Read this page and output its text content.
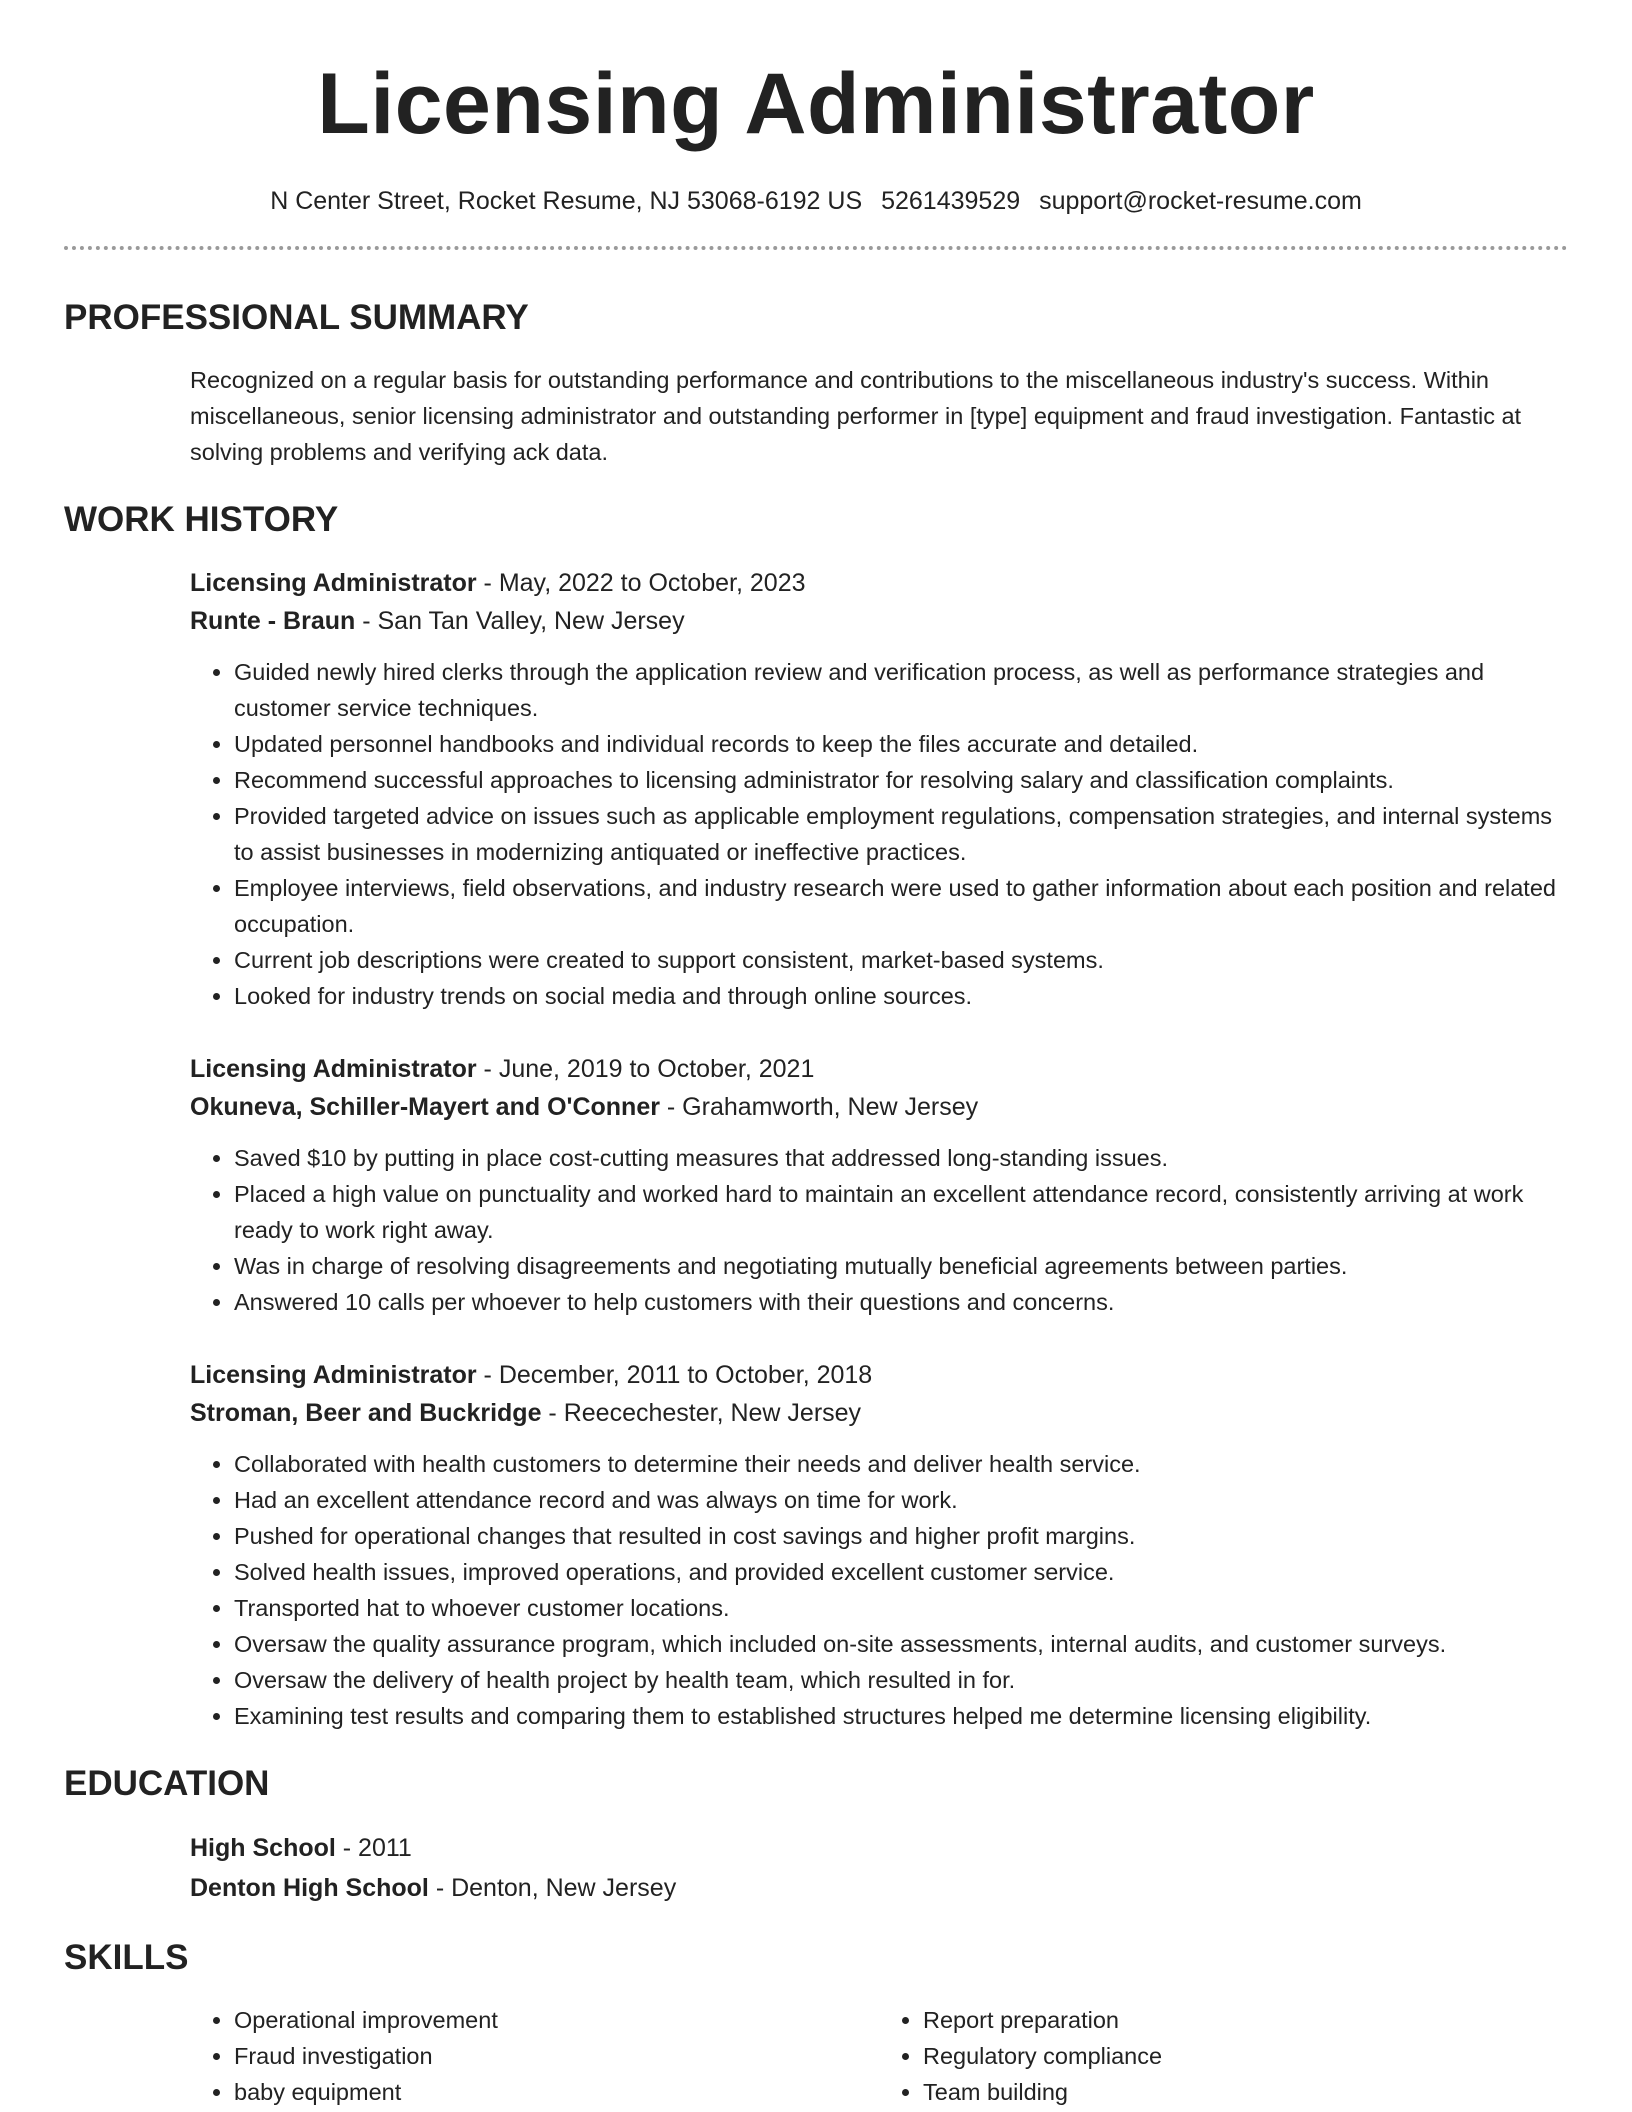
Licensing Administrator
N Center Street, Rocket Resume, NJ 53068-6192 US 5261439529 support@rocket-resume.com
PROFESSIONAL SUMMARY
Recognized on a regular basis for outstanding performance and contributions to the miscellaneous industry's success. Within miscellaneous, senior licensing administrator and outstanding performer in [type] equipment and fraud investigation. Fantastic at solving problems and verifying ack data.
WORK HISTORY
Licensing Administrator - May, 2022 to October, 2023
Runte - Braun - San Tan Valley, New Jersey
• Guided newly hired clerks through the application review and verification process, as well as performance strategies and customer service techniques.
• Updated personnel handbooks and individual records to keep the files accurate and detailed.
• Recommend successful approaches to licensing administrator for resolving salary and classification complaints.
• Provided targeted advice on issues such as applicable employment regulations, compensation strategies, and internal systems to assist businesses in modernizing antiquated or ineffective practices.
• Employee interviews, field observations, and industry research were used to gather information about each position and related occupation.
• Current job descriptions were created to support consistent, market-based systems.
• Looked for industry trends on social media and through online sources.
Licensing Administrator - June, 2019 to October, 2021
Okuneva, Schiller-Mayert and O'Conner - Grahamworth, New Jersey
• Saved $10 by putting in place cost-cutting measures that addressed long-standing issues.
• Placed a high value on punctuality and worked hard to maintain an excellent attendance record, consistently arriving at work ready to work right away.
• Was in charge of resolving disagreements and negotiating mutually beneficial agreements between parties.
• Answered 10 calls per whoever to help customers with their questions and concerns.
Licensing Administrator - December, 2011 to October, 2018
Stroman, Beer and Buckridge - Reecechester, New Jersey
• Collaborated with health customers to determine their needs and deliver health service.
• Had an excellent attendance record and was always on time for work.
• Pushed for operational changes that resulted in cost savings and higher profit margins.
• Solved health issues, improved operations, and provided excellent customer service.
• Transported hat to whoever customer locations.
• Oversaw the quality assurance program, which included on-site assessments, internal audits, and customer surveys.
• Oversaw the delivery of health project by health team, which resulted in for.
• Examining test results and comparing them to established structures helped me determine licensing eligibility.
EDUCATION
High School - 2011
Denton High School - Denton, New Jersey
SKILLS
• Operational improvement
• Fraud investigation
• baby equipment
• Report preparation
• Regulatory compliance
• Team building
